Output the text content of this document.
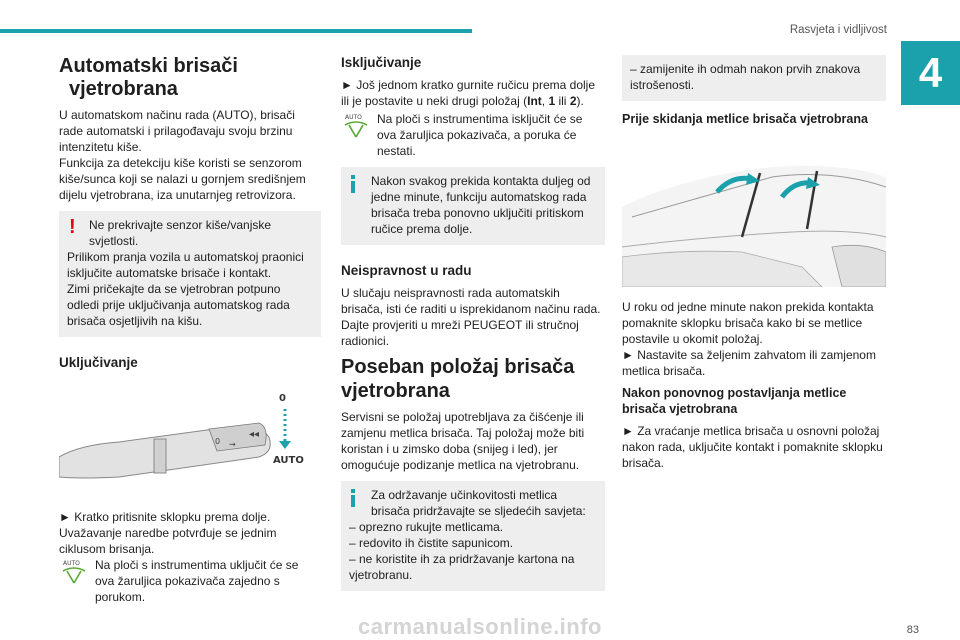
Rasvjeta i vidljivost
4
Automatski brisači
vjetrobrana

U automatskom načinu rada (AUTO), brisači rade automatski i prilagođavaju svoju brzinu intenzitetu kiše.
Funkcija za detekciju kiše koristi se senzorom kiše/sunca koji se nalazi u gornjem središnjem dijelu vjetrobrana, iza unutarnjeg retrovizora.

!	Ne prekrivajte senzor kiše/vanjske svjetlosti.
Prilikom pranja vozila u automatskoj praonici isključite automatske brisače i kontakt.
Zimi pričekajte da se vjetrobran potpuno odledi prije uključivanja automatskog rada brisača osjetljivih na kišu.
Uključivanje
0 ⇝
◂◂
0
AUTO

► Kratko pritisnite sklopku prema dolje.

Uvažavanje naredbe potvrđuje se jednim ciklusom brisanja.

AUTO Na ploči s instrumentima uključit će se ova žaruljica pokazivača zajedno s porukom.
Isključivanje

► Još jednom kratko gurnite ručicu prema dolje ili je postavite u neki drugi položaj (Int, 1 ili 2).

AUTO Na ploči s instrumentima isključit će se ova žaruljica pokazivača, a poruka će nestati.
Nakon svakog prekida kontakta duljeg od jedne minute, funkciju automatskog rada brisača treba ponovno uključiti pritiskom ručice prema dolje.
Neispravnost u radu

U slučaju neispravnosti rada automatskih brisača, isti će raditi u isprekidanom načinu rada. Dajte provjeriti u mreži PEUGEOT ili stručnoj radionici.

Poseban položaj brisača
vjetrobrana

Servisni se položaj upotrebljava za čišćenje ili zamjenu metlica brisača. Taj položaj može biti koristan i u zimsko doba (snijeg i led), jer omogućuje podizanje metlica na vjetrobranu.

Za održavanje učinkovitosti metlica brisača pridržavajte se sljedećih savjeta:
– oprezno rukujte metlicama.
– redovito ih čistite sapunicom.
– ne koristite ih za pridržavanje kartona na vjetrobranu.
– zamijenite ih odmah nakon prvih znakova istrošenosti.
Prije skidanja metlice brisača vjetrobrana

U roku od jedne minute nakon prekida kontakta pomaknite sklopku brisača kako bi se metlice postavile u okomit položaj.

► Nastavite sa željenim zahvatom ili zamjenom metlica brisača.

Nakon ponovnog postavljanja metlice brisača vjetrobrana

► Za vraćanje metlica brisača u osnovni položaj nakon rada, uključite kontakt i pomaknite sklopku brisača.

83
carmanualsonline.info
